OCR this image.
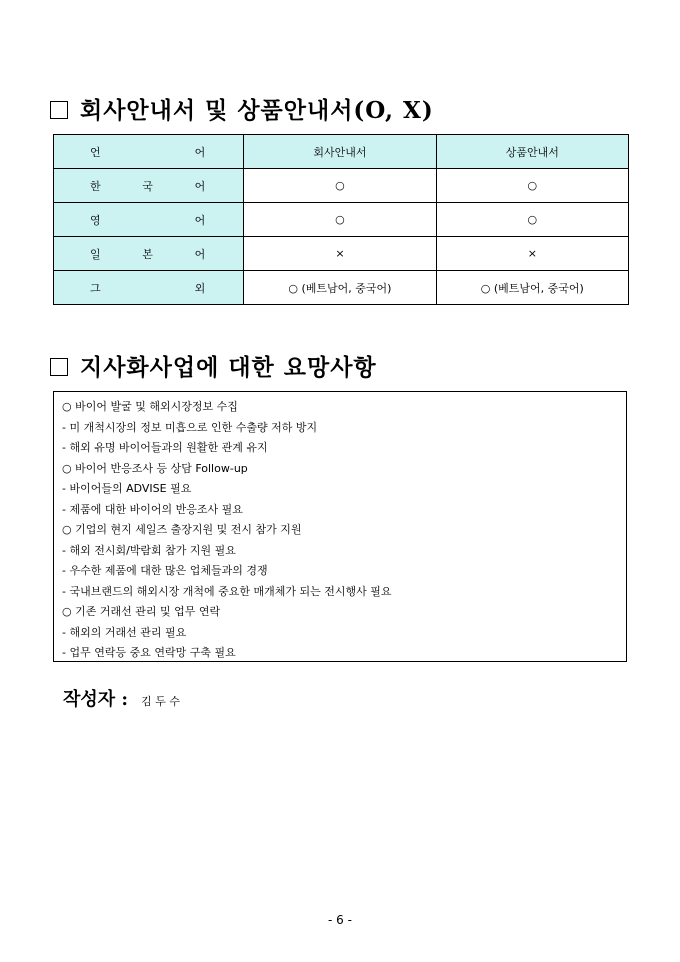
회사안내서 및 상품안내서(O, X)
언 어	회사안내서	상품안내서

한 국 어	○	○

영 어	○	○

일 본 어	×	×

그 외	○ (베트남어, 중국어)	○ (베트남어, 중국어)
지사화사업에 대한 요망사항
○ 바이어 발굴 및 해외시장정보 수집
- 미 개척시장의 정보 미흡으로 인한 수출량 저하 방지
- 해외 유명 바이어들과의 원활한 관계 유지
○ 바이어 반응조사 등 상담 Follow-up
- 바이어들의 ADVISE 필요
- 제품에 대한 바이어의 반응조사 필요
○ 기업의 현지 세일즈 출장지원 및 전시 참가 지원
- 해외 전시회/박람회 참가 지원 필요
- 우수한 제품에 대한 많은 업체들과의 경쟁
- 국내브랜드의 해외시장 개척에 중요한 매개체가 되는 전시행사 필요
○ 기존 거래선 관리 및 업무 연락
- 해외의 거래선 관리 필요
- 업무 연락등 중요 연락망 구축 필요
작성자 : 김 두 수
- 6 -
